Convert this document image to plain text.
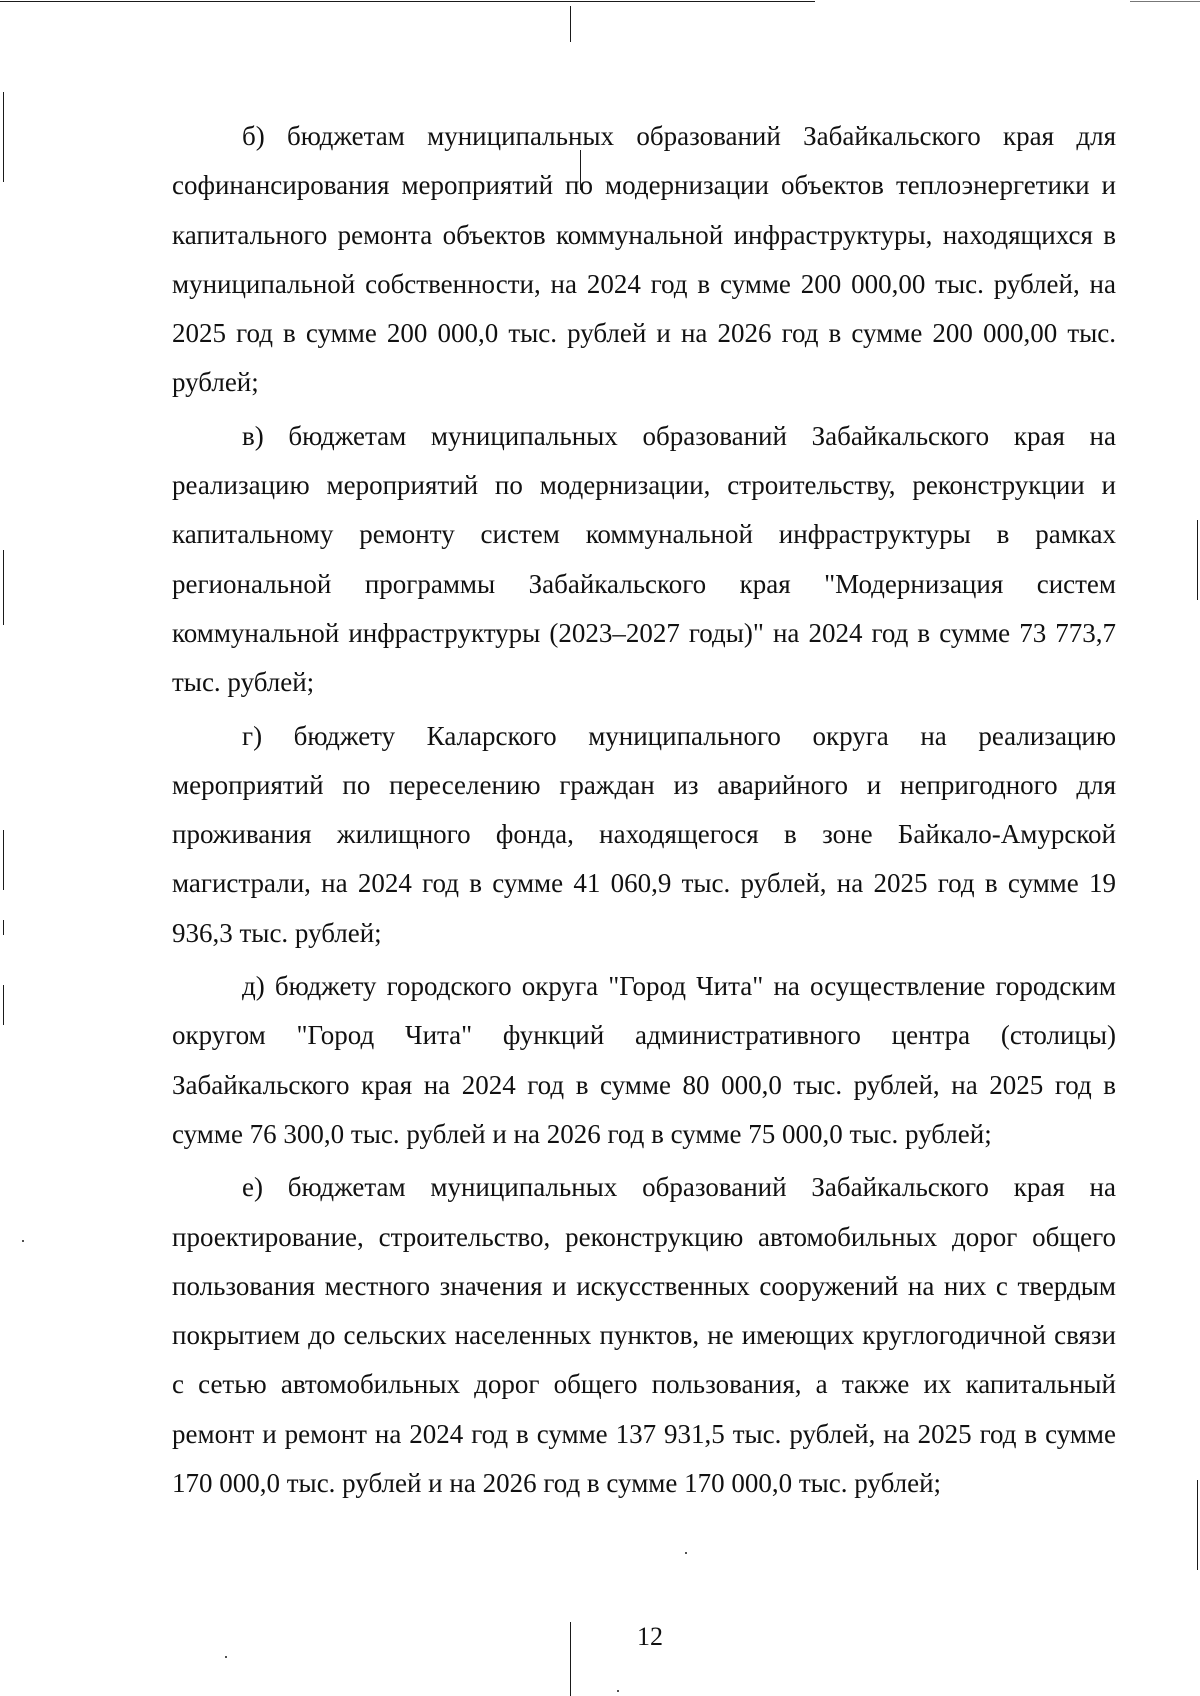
б) бюджетам муниципальных образований Забайкальского края для софинансирования мероприятий по модернизации объектов теплоэнергетики и капитального ремонта объектов коммунальной инфраструктуры, находящихся в муниципальной собственности, на 2024 год в сумме 200 000,00 тыс. рублей, на 2025 год в сумме 200 000,0 тыс. рублей и на 2026 год в сумме 200 000,00 тыс. рублей;

в) бюджетам муниципальных образований Забайкальского края на реализацию мероприятий по модернизации, строительству, реконструкции и капитальному ремонту систем коммунальной инфраструктуры в рамках региональной программы Забайкальского края "Модернизация систем коммунальной инфраструктуры (2023–2027 годы)" на 2024 год в сумме 73 773,7 тыс. рублей;

г) бюджету Каларского муниципального округа на реализацию мероприятий по переселению граждан из аварийного и непригодного для проживания жилищного фонда, находящегося в зоне Байкало-Амурской магистрали, на 2024 год в сумме 41 060,9 тыс. рублей, на 2025 год в сумме 19 936,3 тыс. рублей;

д) бюджету городского округа "Город Чита" на осуществление городским округом "Город Чита" функций административного центра (столицы) Забайкальского края на 2024 год в сумме 80 000,0 тыс. рублей, на 2025 год в сумме 76 300,0 тыс. рублей и на 2026 год в сумме 75 000,0 тыс. рублей;

е) бюджетам муниципальных образований Забайкальского края на проектирование, строительство, реконструкцию автомобильных дорог общего пользования местного значения и искусственных сооружений на них с твердым покрытием до сельских населенных пунктов, не имеющих круглогодичной связи с сетью автомобильных дорог общего пользования, а также их капитальный ремонт и ремонт на 2024 год в сумме 137 931,5 тыс. рублей, на 2025 год в сумме 170 000,0 тыс. рублей и на 2026 год в сумме 170 000,0 тыс. рублей;

12
